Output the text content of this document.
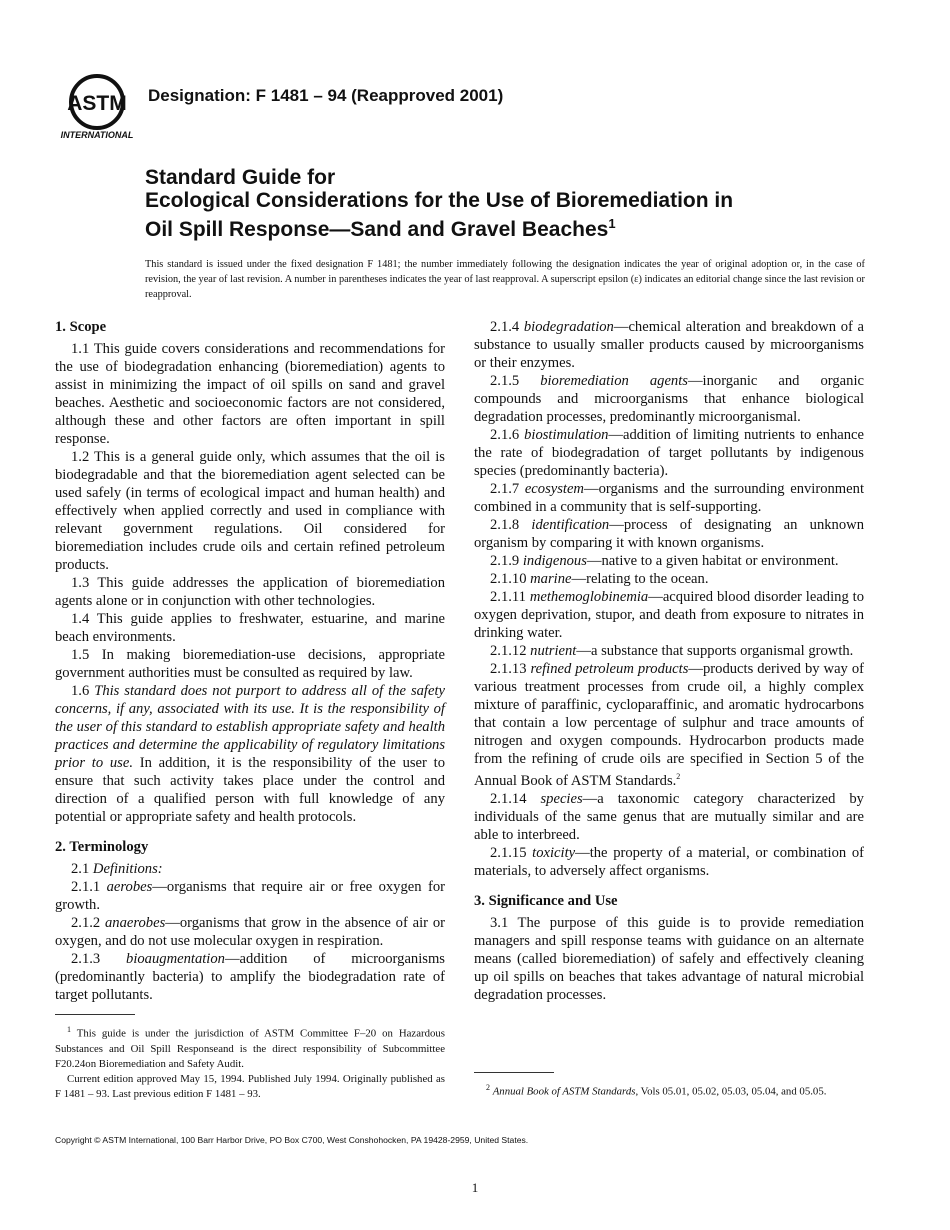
ASTM
INTERNATIONAL
Designation: F 1481 – 94 (Reapproved 2001)
Standard Guide for
Ecological Considerations for the Use of Bioremediation in
Oil Spill Response—Sand and Gravel Beaches$^1$
This standard is issued under the fixed designation F 1481; the number immediately following the designation indicates the year of original adoption or, in the case of revision, the year of last revision. A number in parentheses indicates the year of last reapproval. A superscript epsilon (ε) indicates an editorial change since the last revision or reapproval.

1. Scope

1.1 This guide covers considerations and recommendations for the use of biodegradation enhancing (bioremediation) agents to assist in minimizing the impact of oil spills on sand and gravel beaches. Aesthetic and socioeconomic factors are not considered, although these and other factors are often important in spill response.

1.2 This is a general guide only, which assumes that the oil is biodegradable and that the bioremediation agent selected can be used safely (in terms of ecological impact and human health) and effectively when applied correctly and used in compliance with relevant government regulations. Oil considered for bioremediation includes crude oils and certain refined petroleum products.

1.3 This guide addresses the application of bioremediation agents alone or in conjunction with other technologies.

1.4 This guide applies to freshwater, estuarine, and marine beach environments.

1.5 In making bioremediation-use decisions, appropriate government authorities must be consulted as required by law.

1.6 This standard does not purport to address all of the safety concerns, if any, associated with its use. It is the responsibility of the user of this standard to establish appropriate safety and health practices and determine the applicability of regulatory limitations prior to use. In addition, it is the responsibility of the user to ensure that such activity takes place under the control and direction of a qualified person with full knowledge of any potential or appropriate safety and health protocols.

2. Terminology

2.1 Definitions:

2.1.1 aerobes—organisms that require air or free oxygen for growth.

2.1.2 anaerobes—organisms that grow in the absence of air or oxygen, and do not use molecular oxygen in respiration.

2.1.3 bioaugmentation—addition of microorganisms (predominantly bacteria) to amplify the biodegradation rate of target pollutants.

2.1.4 biodegradation—chemical alteration and breakdown of a substance to usually smaller products caused by microorganisms or their enzymes.

2.1.5 bioremediation agents—inorganic and organic compounds and microorganisms that enhance biological degradation processes, predominantly microorganismal.

2.1.6 biostimulation—addition of limiting nutrients to enhance the rate of biodegradation of target pollutants by indigenous species (predominantly bacteria).

2.1.7 ecosystem—organisms and the surrounding environment combined in a community that is self-supporting.

2.1.8 identification—process of designating an unknown organism by comparing it with known organisms.

2.1.9 indigenous—native to a given habitat or environment.

2.1.10 marine—relating to the ocean.

2.1.11 methemoglobinemia—acquired blood disorder leading to oxygen deprivation, stupor, and death from exposure to nitrates in drinking water.

2.1.12 nutrient—a substance that supports organismal growth.

2.1.13 refined petroleum products—products derived by way of various treatment processes from crude oil, a highly complex mixture of paraffinic, cycloparaffinic, and aromatic hydrocarbons that contain a low percentage of sulphur and trace amounts of nitrogen and oxygen compounds. Hydrocarbon products made from the refining of crude oils are specified in Section 5 of the Annual Book of ASTM Standards.$^2$

2.1.14 species—a taxonomic category characterized by individuals of the same genus that are mutually similar and are able to interbreed.

2.1.15 toxicity—the property of a material, or combination of materials, to adversely affect organisms.

3. Significance and Use

3.1 The purpose of this guide is to provide remediation managers and spill response teams with guidance on an alternate means (called bioremediation) of safely and effectively cleaning up oil spills on beaches that takes advantage of natural microbial degradation processes.

$^1$ This guide is under the jurisdiction of ASTM Committee F–20 on Hazardous Substances and Oil Spill Responseand is the direct responsibility of Subcommittee F20.24on Bioremediation and Safety Audit.

Current edition approved May 15, 1994. Published July 1994. Originally published as F 1481 – 93. Last previous edition F 1481 – 93.

$^2$ Annual Book of ASTM Standards, Vols 05.01, 05.02, 05.03, 05.04, and 05.05.

Copyright © ASTM International, 100 Barr Harbor Drive, PO Box C700, West Conshohocken, PA 19428-2959, United States.
1
